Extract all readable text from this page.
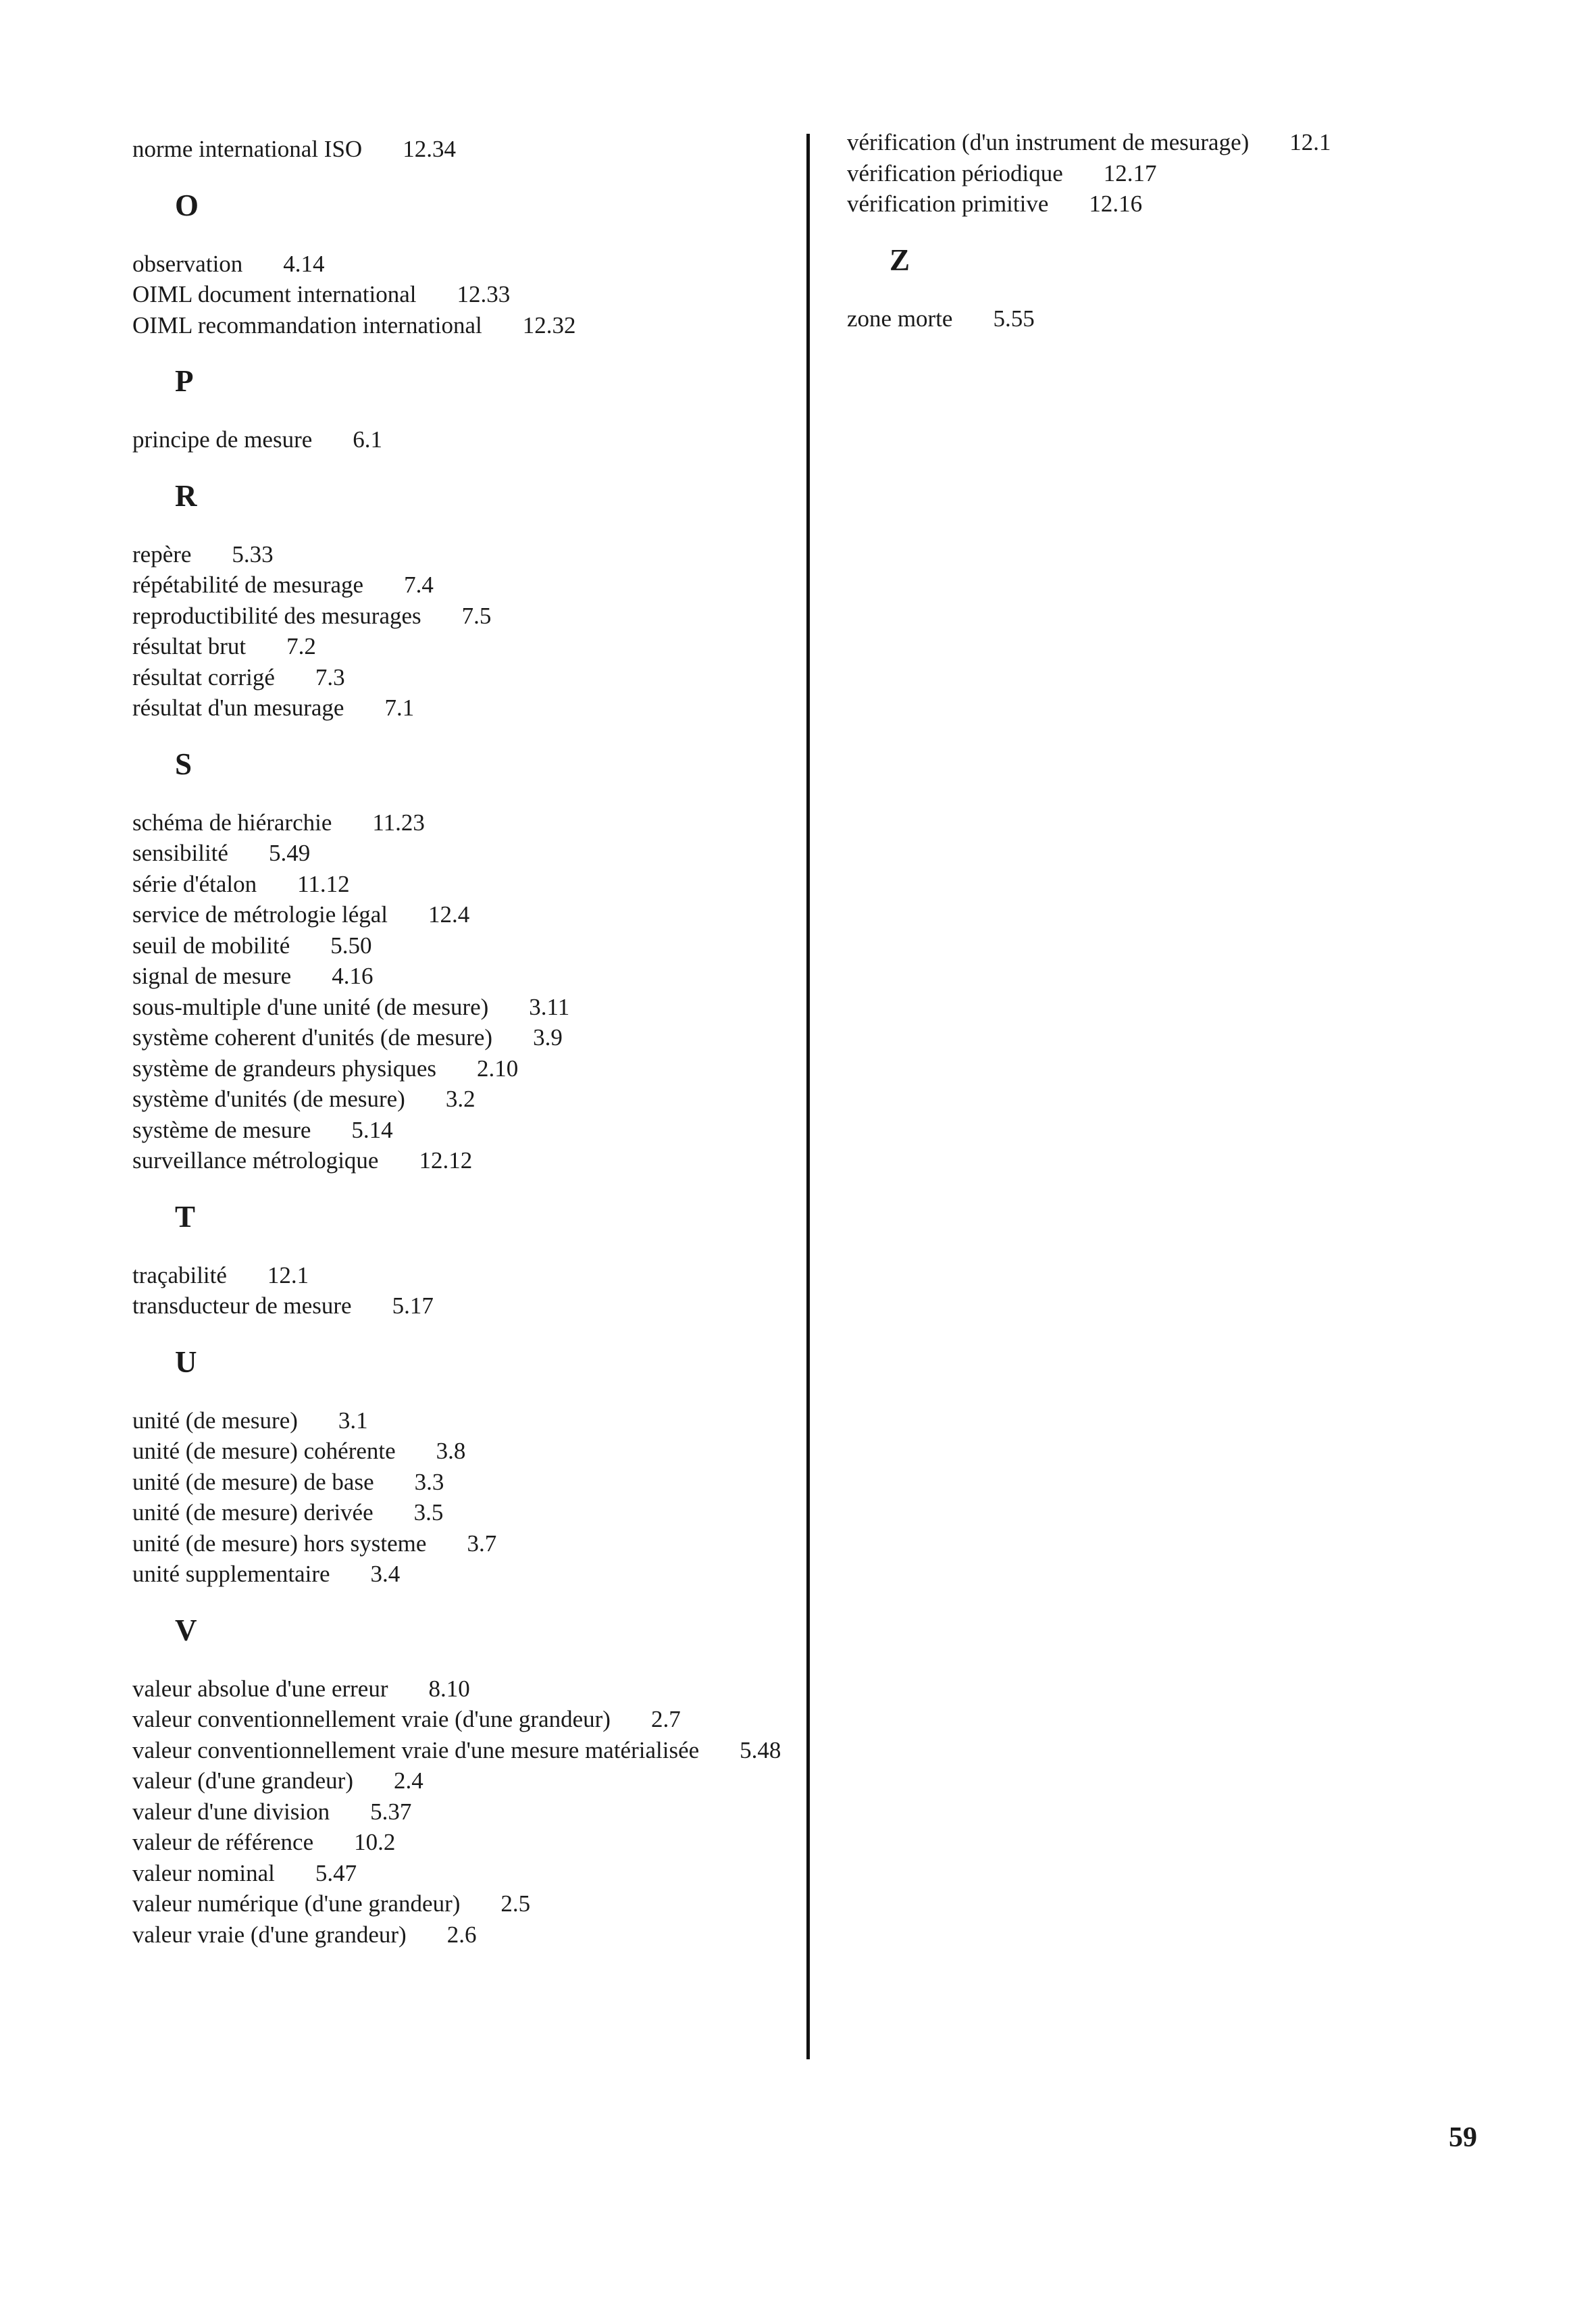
norme international ISO 12.34

O

observation 4.14

OIML document international 12.33

OIML recommandation international 12.32

P

principe de mesure 6.1

R

repère 5.33

répétabilité de mesurage 7.4

reproductibilité des mesurages 7.5

résultat brut 7.2

résultat corrigé 7.3

résultat d'un mesurage 7.1

S

schéma de hiérarchie 11.23

sensibilité 5.49

série d'étalon 11.12

service de métrologie légal 12.4

seuil de mobilité 5.50

signal de mesure 4.16

sous-multiple d'une unité (de mesure) 3.11

système coherent d'unités (de mesure) 3.9

système de grandeurs physiques 2.10

système d'unités (de mesure) 3.2

système de mesure 5.14

surveillance métrologique 12.12

T

traçabilité 12.1

transducteur de mesure 5.17

U

unité (de mesure) 3.1

unité (de mesure) cohérente 3.8

unité (de mesure) de base 3.3

unité (de mesure) derivée 3.5

unité (de mesure) hors systeme 3.7

unité supplementaire 3.4

V

valeur absolue d'une erreur 8.10

valeur conventionnellement vraie (d'une grandeur) 2.7

valeur conventionnellement vraie d'une mesure matérialisée 5.48

valeur (d'une grandeur) 2.4

valeur d'une division 5.37

valeur de référence 10.2

valeur nominal 5.47

valeur numérique (d'une grandeur) 2.5

valeur vraie (d'une grandeur) 2.6

vérification (d'un instrument de mesurage) 12.1

vérification périodique 12.17

vérification primitive 12.16

Z

zone morte 5.55

59
